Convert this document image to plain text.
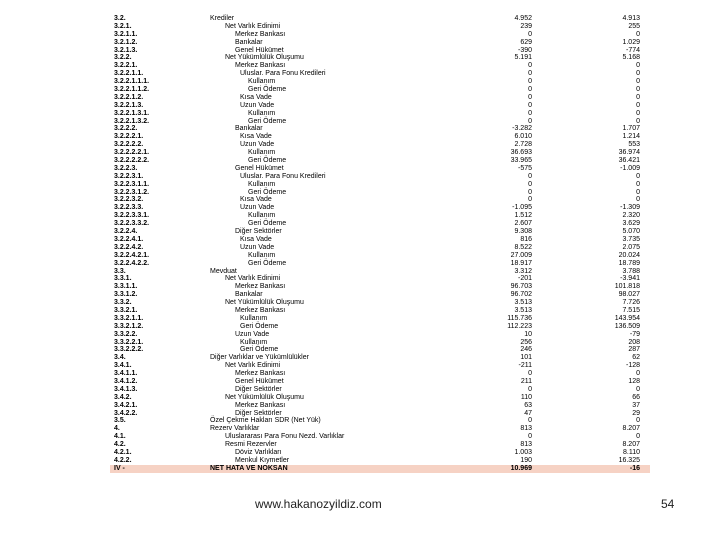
3.2.	Krediler	4.952	4.913
3.2.1.	Net Varlık Edinimi	239	255
3.2.1.1.	Merkez Bankası	0	0
3.2.1.2.	Bankalar	629	1.029
3.2.1.3.	Genel Hükümet	-390	-774
3.2.2.	Net Yükümlülük Oluşumu	5.191	5.168
3.2.2.1.	Merkez Bankası	0	0
3.2.2.1.1.	Uluslar. Para Fonu Kredileri	0	0
3.2.2.1.1.1.	Kullanım	0	0
3.2.2.1.1.2.	Geri Ödeme	0	0
3.2.2.1.2.	Kısa Vade	0	0
3.2.2.1.3.	Uzun Vade	0	0
3.2.2.1.3.1.	Kullanım	0	0
3.2.2.1.3.2.	Geri Ödeme	0	0
3.2.2.2.	Bankalar	-3.282	1.707
3.2.2.2.1.	Kısa Vade	6.010	1.214
3.2.2.2.2.	Uzun Vade	2.728	553
3.2.2.2.2.1.	Kullanım	36.693	36.974
3.2.2.2.2.2.	Geri Ödeme	33.965	36.421
3.2.2.3.	Genel Hükümet	-575	-1.009
3.2.2.3.1.	Uluslar. Para Fonu Kredileri	0	0
3.2.2.3.1.1.	Kullanım	0	0
3.2.2.3.1.2.	Geri Ödeme	0	0
3.2.2.3.2.	Kısa Vade	0	0
3.2.2.3.3.	Uzun Vade	-1.095	-1.309
3.2.2.3.3.1.	Kullanım	1.512	2.320
3.2.2.3.3.2.	Geri Ödeme	2.607	3.629
3.2.2.4.	Diğer Sektörler	9.308	5.070
3.2.2.4.1.	Kısa Vade	816	3.735
3.2.2.4.2.	Uzun Vade	8.522	2.075
3.2.2.4.2.1.	Kullanım	27.009	20.024
3.2.2.4.2.2.	Geri Ödeme	18.917	18.789
3.3.	Mevduat	3.312	3.788
3.3.1.	Net Varlık Edinimi	-201	-3.941
3.3.1.1.	Merkez Bankası	96.703	101.818
3.3.1.2.	Bankalar	96.702	98.027
3.3.2.	Net Yükümlülük Oluşumu	3.513	7.726
3.3.2.1.	Merkez Bankası	3.513	7.515
3.3.2.1.1.	Kullanım	115.736	143.954
3.3.2.1.2.	Geri Ödeme	112.223	136.509
3.3.2.2.	Uzun Vade	10	-79
3.3.2.2.1.	Kullanım	256	208
3.3.2.2.2.	Geri Ödeme	246	287
3.4.	Diğer Varlıklar ve Yükümlülükler	101	62
3.4.1.	Net Varlık Edinimi	-211	-128
3.4.1.1.	Merkez Bankası	0	0
3.4.1.2.	Genel Hükümet	211	128
3.4.1.3.	Diğer Sektörler	0	0
3.4.2.	Net Yükümlülük Oluşumu	110	66
3.4.2.1.	Merkez Bankası	63	37
3.4.2.2.	Diğer Sektörler	47	29
3.5.	Özel Çekme Hakları SDR (Net Yük)	0	0
4.	Rezerv Varlıklar	813	8.207
4.1.	Uluslararası Para Fonu Nezd. Varlıklar	0	0
4.2.	Resmi Rezervler	813	8.207
4.2.1.	Döviz Varlıkları	1.003	8.110
4.2.2.	Menkul Kıymetler	190	16.325
IV -	NET HATA VE NOKSAN	10.969	-16
www.hakanozyildiz.com	54
